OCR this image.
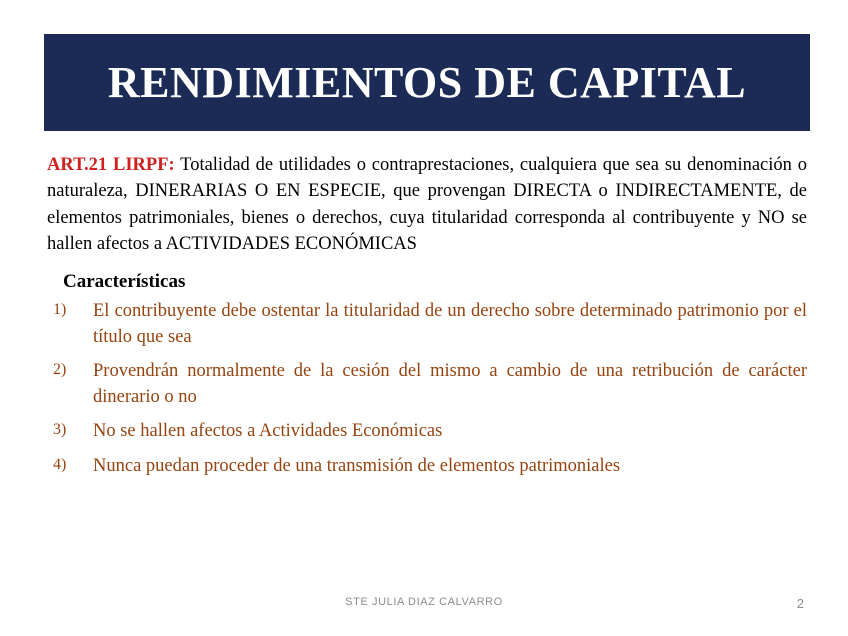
RENDIMIENTOS DE CAPITAL

ART.21 LIRPF: Totalidad de utilidades o contraprestaciones, cualquiera que sea su denominación o naturaleza, DINERARIAS O EN ESPECIE, que provengan DIRECTA o INDIRECTAMENTE, de elementos patrimoniales, bienes o derechos, cuya titularidad corresponda al contribuyente y NO se hallen afectos a ACTIVIDADES ECONÓMICAS

Características
1)	El contribuyente debe ostentar la titularidad de un derecho sobre determinado patrimonio por el título que sea
2)	Provendrán normalmente de la cesión del mismo a cambio de una retribución de carácter dinerario o no
3)	No se hallen afectos a Actividades Económicas
4)	Nunca puedan proceder de una transmisión de elementos patrimoniales
STE JULIA DIAZ CALVARRO	2
